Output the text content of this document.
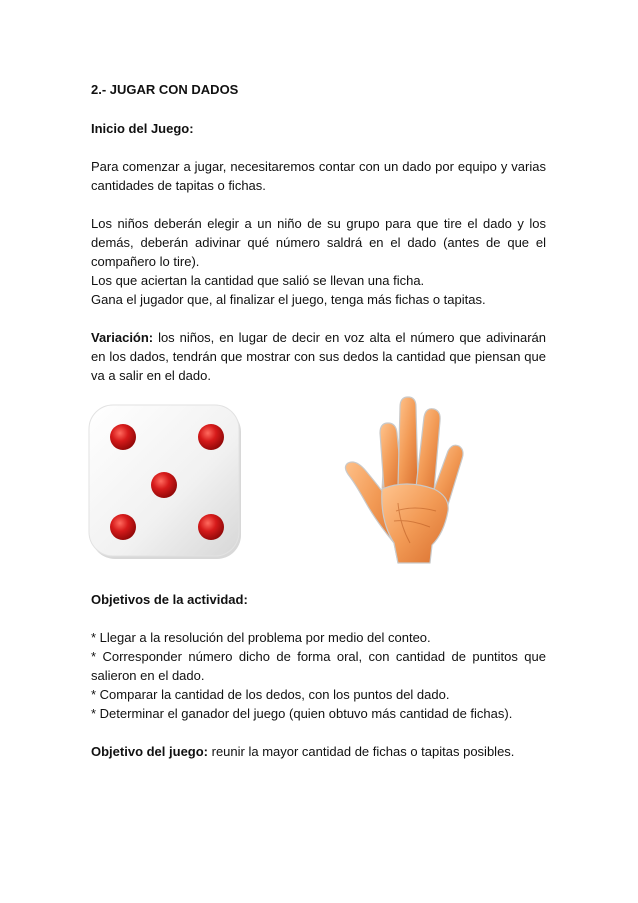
2.- JUGAR CON DADOS
Inicio del Juego:
Para comenzar a jugar, necesitaremos contar con un dado por equipo y varias cantidades de tapitas o fichas.
Los niños deberán elegir a un niño de su grupo para que tire el dado y los demás, deberán adivinar qué número saldrá en el dado (antes de que el compañero lo tire).
Los que aciertan la cantidad que salió se llevan una ficha.
Gana el jugador que, al finalizar el juego, tenga más fichas o tapitas.
Variación: los niños, en lugar de decir en voz alta el número que adivinarán en los dados, tendrán que mostrar con sus dedos la cantidad que piensan que va a salir en el dado.
Objetivos de la actividad:
* Llegar a la resolución del problema por medio del conteo.
* Corresponder número dicho de forma oral, con cantidad de puntitos que salieron en el dado.
* Comparar la cantidad de los dedos, con los puntos del dado.
* Determinar el ganador del juego (quien obtuvo más cantidad de fichas).
Objetivo del juego: reunir la mayor cantidad de fichas o tapitas posibles.
